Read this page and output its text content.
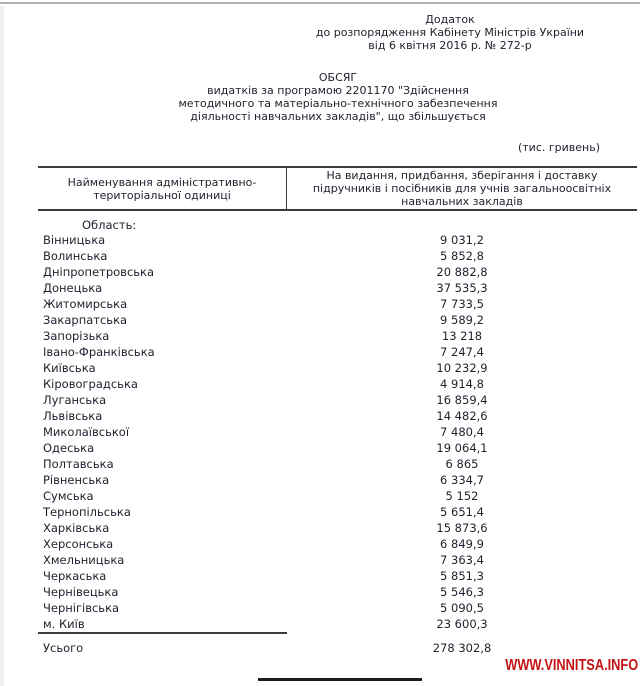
Додаток
до розпорядження Кабінету Міністрів України
від 6 квітня 2016 р. № 272-р
ОБСЯГ
видатків за програмою 2201170 "Здійснення
методичного та матеріально-технічного забезпечення
діяльності навчальних закладів", що збільшується
(тис. гривень)
Найменування адміністративно-територіальної одиниці
На видання, придбання, зберігання і доставку підручників і посібників для учнів загальноосвітніх навчальних закладів
Область:
Вінницька	9 031,2
Волинська	5 852,8
Дніпропетровська	20 882,8
Донецька	37 535,3
Житомирська	7 733,5
Закарпатська	9 589,2
Запорізька	13 218
Івано-Франківська	7 247,4
Київська	10 232,9
Кіровоградська	4 914,8
Луганська	16 859,4
Львівська	14 482,6
Миколаївської	7 480,4
Одеська	19 064,1
Полтавська	6 865
Рівненська	6 334,7
Сумська	5 152
Тернопільська	5 651,4
Харківська	15 873,6
Херсонська	6 849,9
Хмельницька	7 363,4
Черкаська	5 851,3
Чернівецька	5 546,3
Чернігівська	5 090,5
м. Київ	23 600,3
Усього	278 302,8
WWW.VINNITSA.INFO
